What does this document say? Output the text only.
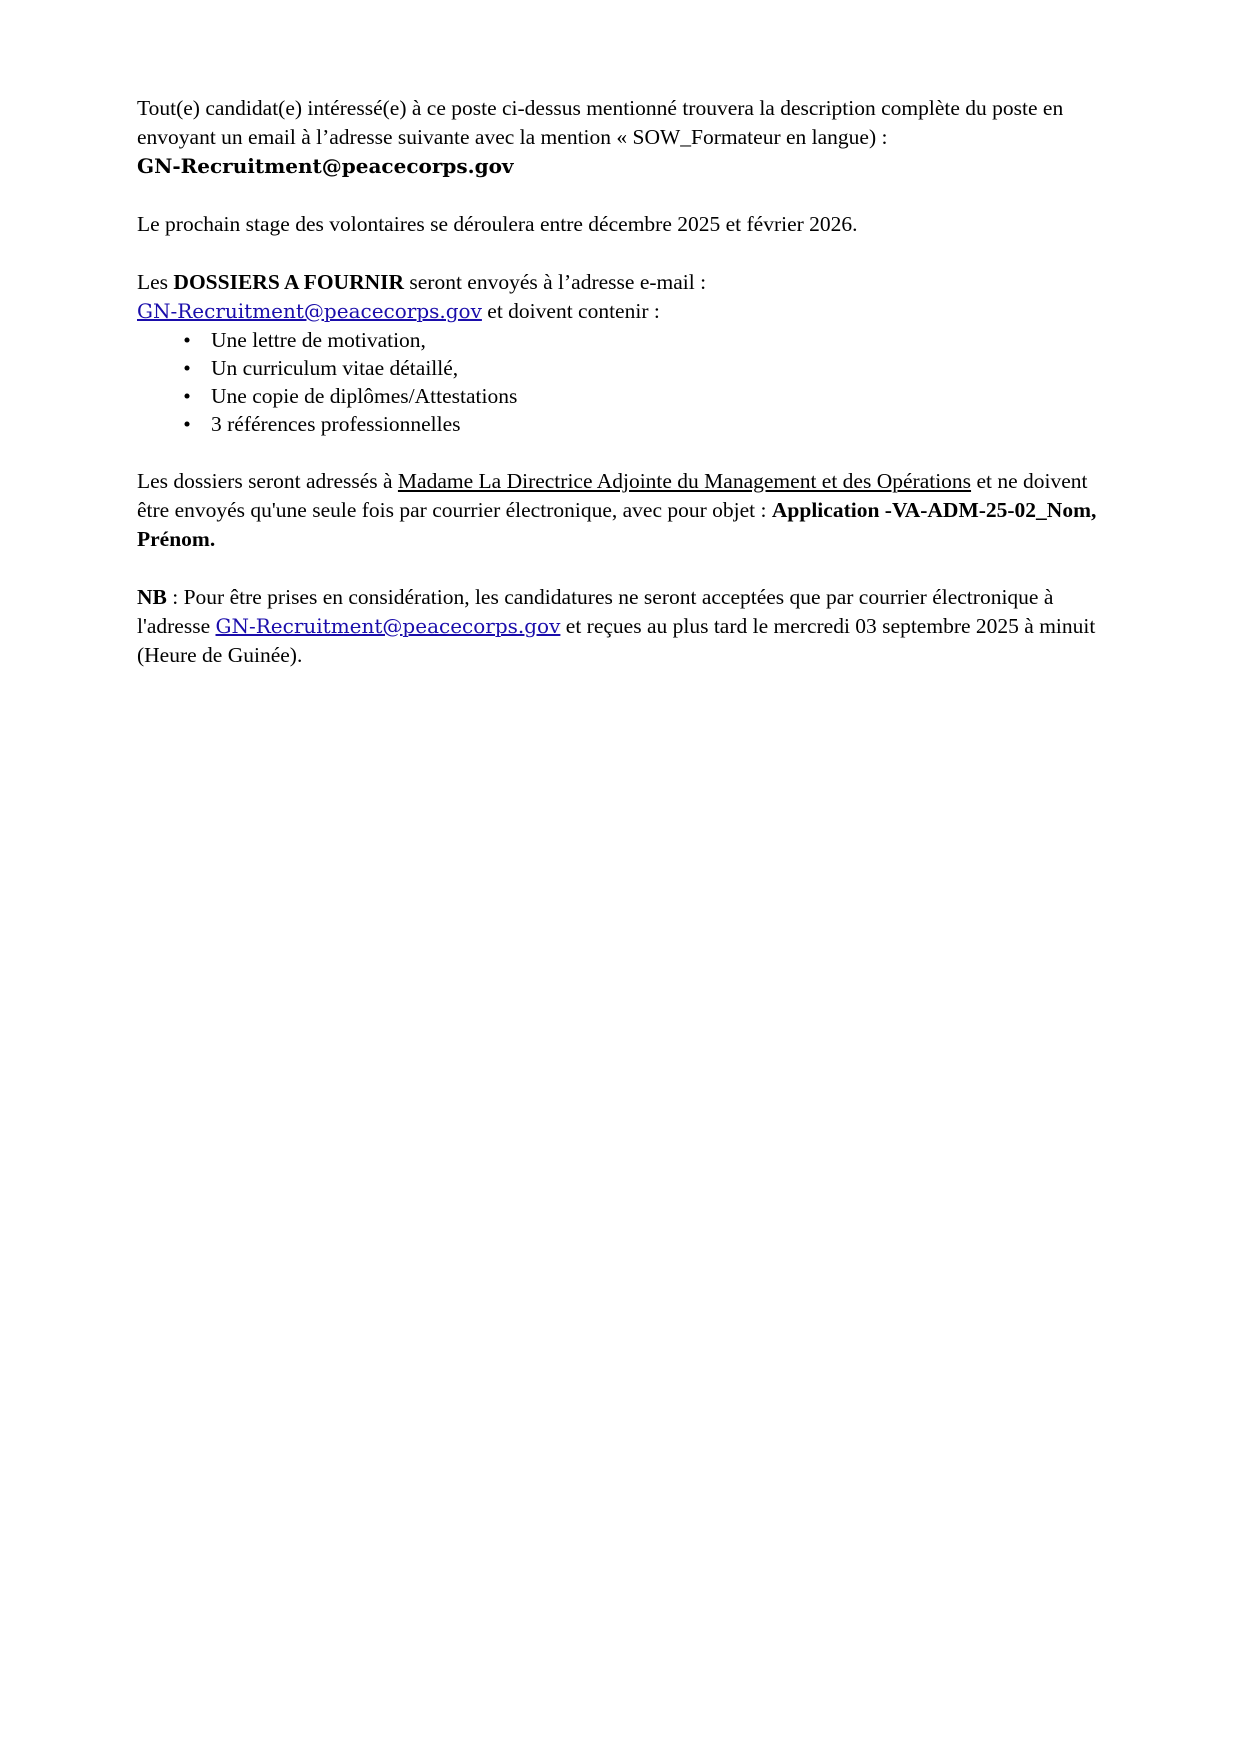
Tout(e) candidat(e) intéressé(e) à ce poste ci-dessus mentionné trouvera la description complète du poste en envoyant un email à l’adresse suivante avec la mention « SOW_Formateur en langue) :
GN-Recruitment@peacecorps.gov

Le prochain stage des volontaires se déroulera entre décembre 2025 et février 2026.

Les DOSSIERS A FOURNIR seront envoyés à l’adresse e-mail :
GN-Recruitment@peacecorps.gov et doivent contenir :

• Une lettre de motivation,
• Un curriculum vitae détaillé,
• Une copie de diplômes/Attestations
• 3 références professionnelles

Les dossiers seront adressés à Madame La Directrice Adjointe du Management et des Opérations et ne doivent être envoyés qu'une seule fois par courrier électronique, avec pour objet : Application -VA-ADM-25-02_Nom, Prénom.

NB : Pour être prises en considération, les candidatures ne seront acceptées que par courrier électronique à l'adresse GN-Recruitment@peacecorps.gov et reçues au plus tard le mercredi 03 septembre 2025 à minuit (Heure de Guinée).
